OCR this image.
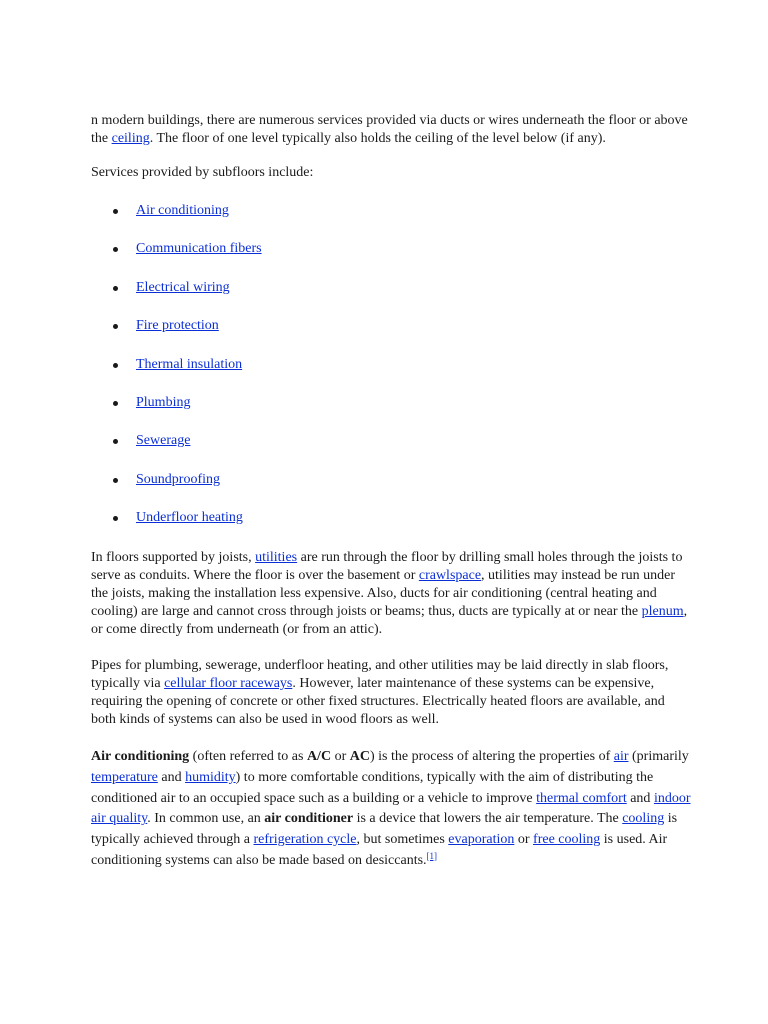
n modern buildings, there are numerous services provided via ducts or wires underneath the floor or above the ceiling. The floor of one level typically also holds the ceiling of the level below (if any).

Services provided by subfloors include:

Air conditioning
Communication fibers
Electrical wiring
Fire protection
Thermal insulation
Plumbing
Sewerage
Soundproofing
Underfloor heating

In floors supported by joists, utilities are run through the floor by drilling small holes through the joists to serve as conduits. Where the floor is over the basement or crawlspace, utilities may instead be run under the joists, making the installation less expensive. Also, ducts for air conditioning (central heating and cooling) are large and cannot cross through joists or beams; thus, ducts are typically at or near the plenum, or come directly from underneath (or from an attic).

Pipes for plumbing, sewerage, underfloor heating, and other utilities may be laid directly in slab floors, typically via cellular floor raceways. However, later maintenance of these systems can be expensive, requiring the opening of concrete or other fixed structures. Electrically heated floors are available, and both kinds of systems can also be used in wood floors as well.

Air conditioning (often referred to as A/C or AC) is the process of altering the properties of air (primarily temperature and humidity) to more comfortable conditions, typically with the aim of distributing the conditioned air to an occupied space such as a building or a vehicle to improve thermal comfort and indoor air quality. In common use, an air conditioner is a device that lowers the air temperature. The cooling is typically achieved through a refrigeration cycle, but sometimes evaporation or free cooling is used. Air conditioning systems can also be made based on desiccants.[1]
